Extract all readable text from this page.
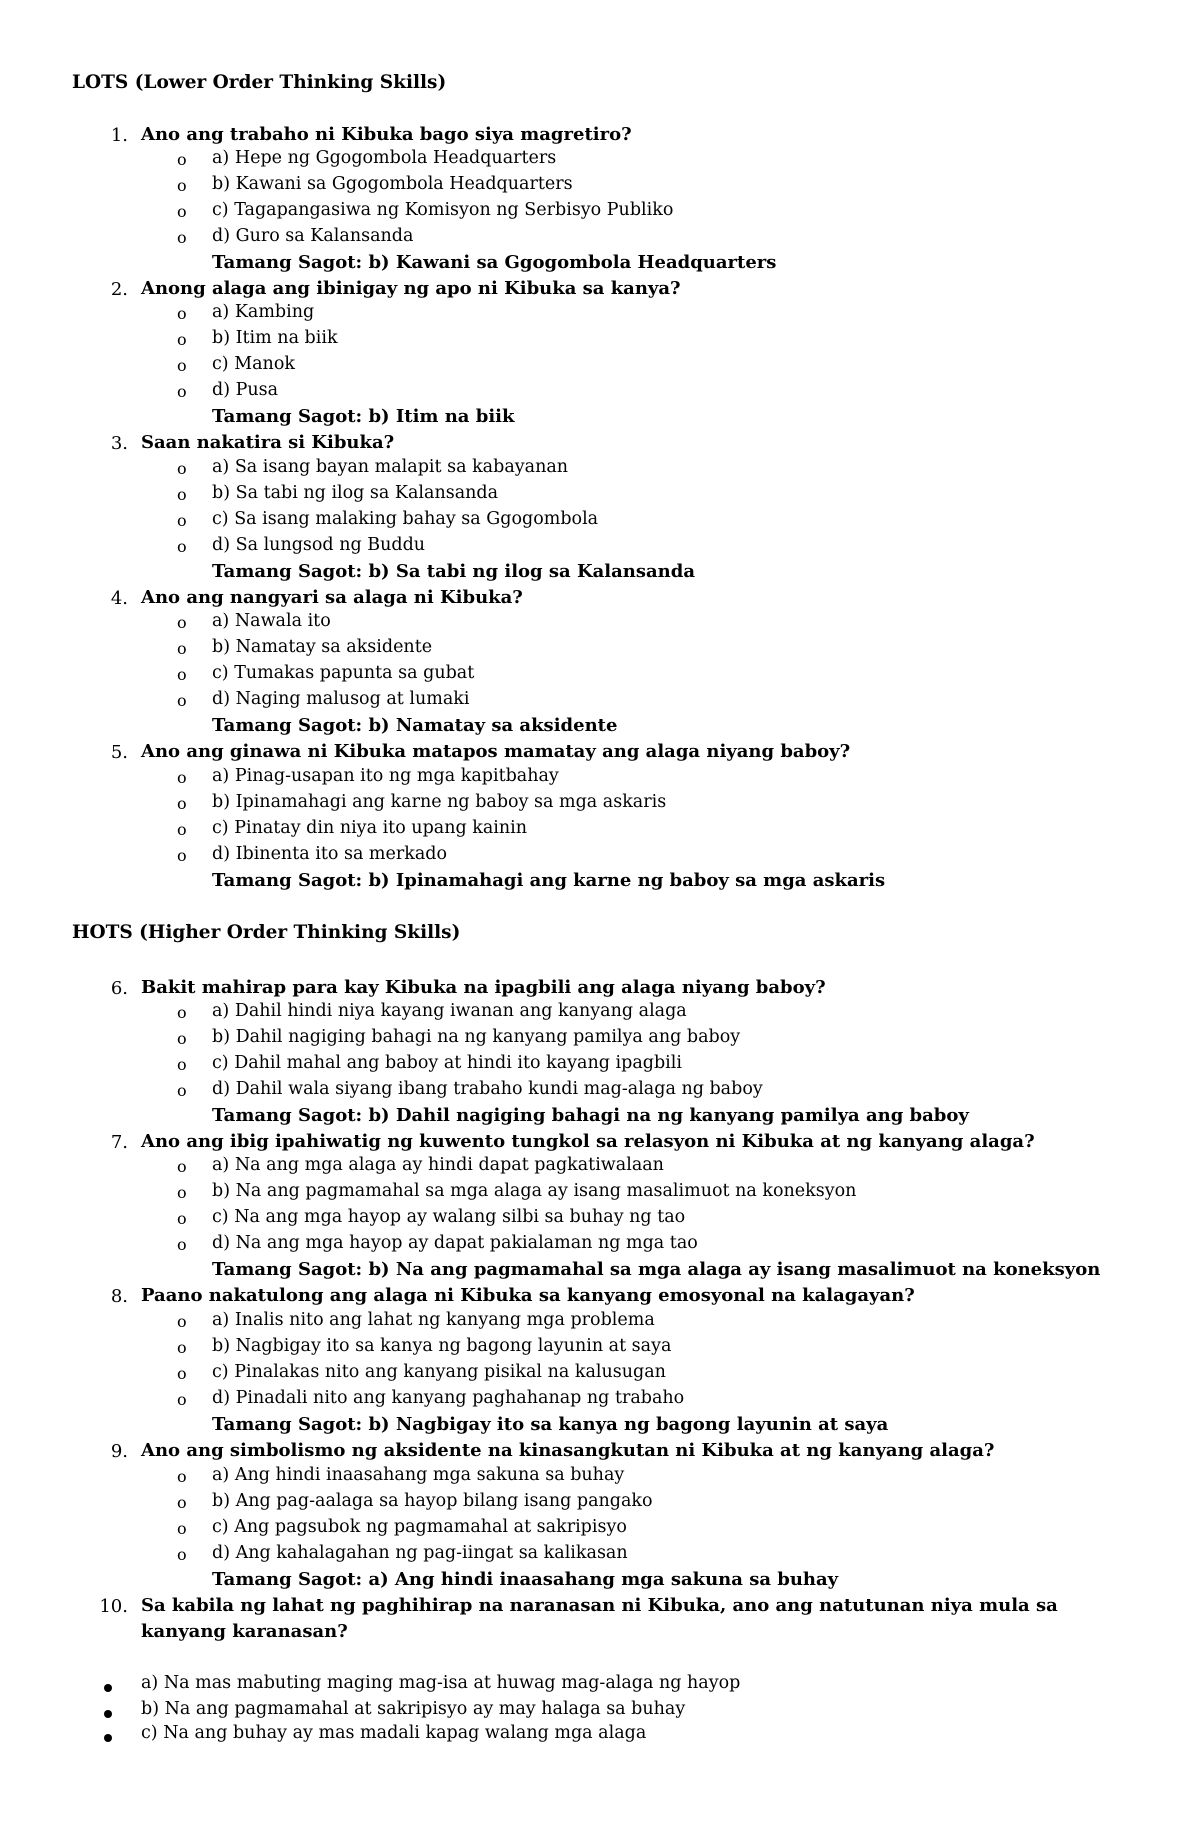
LOTS (Lower Order Thinking Skills)
1. Ano ang trabaho ni Kibuka bago siya magretiro?
o a) Hepe ng Ggogombola Headquarters
o b) Kawani sa Ggogombola Headquarters
o c) Tagapangasiwa ng Komisyon ng Serbisyo Publiko
o d) Guro sa Kalansanda
Tamang Sagot: b) Kawani sa Ggogombola Headquarters
2. Anong alaga ang ibinigay ng apo ni Kibuka sa kanya?
o a) Kambing
o b) Itim na biik
o c) Manok
o d) Pusa
Tamang Sagot: b) Itim na biik
3. Saan nakatira si Kibuka?
o a) Sa isang bayan malapit sa kabayanan
o b) Sa tabi ng ilog sa Kalansanda
o c) Sa isang malaking bahay sa Ggogombola
o d) Sa lungsod ng Buddu
Tamang Sagot: b) Sa tabi ng ilog sa Kalansanda
4. Ano ang nangyari sa alaga ni Kibuka?
o a) Nawala ito
o b) Namatay sa aksidente
o c) Tumakas papunta sa gubat
o d) Naging malusog at lumaki
Tamang Sagot: b) Namatay sa aksidente
5. Ano ang ginawa ni Kibuka matapos mamatay ang alaga niyang baboy?
o a) Pinag-usapan ito ng mga kapitbahay
o b) Ipinamahagi ang karne ng baboy sa mga askaris
o c) Pinatay din niya ito upang kainin
o d) Ibinenta ito sa merkado
Tamang Sagot: b) Ipinamahagi ang karne ng baboy sa mga askaris
HOTS (Higher Order Thinking Skills)
6. Bakit mahirap para kay Kibuka na ipagbili ang alaga niyang baboy?
o a) Dahil hindi niya kayang iwanan ang kanyang alaga
o b) Dahil nagiging bahagi na ng kanyang pamilya ang baboy
o c) Dahil mahal ang baboy at hindi ito kayang ipagbili
o d) Dahil wala siyang ibang trabaho kundi mag-alaga ng baboy
Tamang Sagot: b) Dahil nagiging bahagi na ng kanyang pamilya ang baboy
7. Ano ang ibig ipahiwatig ng kuwento tungkol sa relasyon ni Kibuka at ng kanyang alaga?
o a) Na ang mga alaga ay hindi dapat pagkatiwalaan
o b) Na ang pagmamahal sa mga alaga ay isang masalimuot na koneksyon
o c) Na ang mga hayop ay walang silbi sa buhay ng tao
o d) Na ang mga hayop ay dapat pakialaman ng mga tao
Tamang Sagot: b) Na ang pagmamahal sa mga alaga ay isang masalimuot na koneksyon
8. Paano nakatulong ang alaga ni Kibuka sa kanyang emosyonal na kalagayan?
o a) Inalis nito ang lahat ng kanyang mga problema
o b) Nagbigay ito sa kanya ng bagong layunin at saya
o c) Pinalakas nito ang kanyang pisikal na kalusugan
o d) Pinadali nito ang kanyang paghahanap ng trabaho
Tamang Sagot: b) Nagbigay ito sa kanya ng bagong layunin at saya
9. Ano ang simbolismo ng aksidente na kinasangkutan ni Kibuka at ng kanyang alaga?
o a) Ang hindi inaasahang mga sakuna sa buhay
o b) Ang pag-aalaga sa hayop bilang isang pangako
o c) Ang pagsubok ng pagmamahal at sakripisyo
o d) Ang kahalagahan ng pag-iingat sa kalikasan
Tamang Sagot: a) Ang hindi inaasahang mga sakuna sa buhay
10. Sa kabila ng lahat ng paghihirap na naranasan ni Kibuka, ano ang natutunan niya mula sa kanyang karanasan?
a) Na mas mabuting maging mag-isa at huwag mag-alaga ng hayop
b) Na ang pagmamahal at sakripisyo ay may halaga sa buhay
c) Na ang buhay ay mas madali kapag walang mga alaga
